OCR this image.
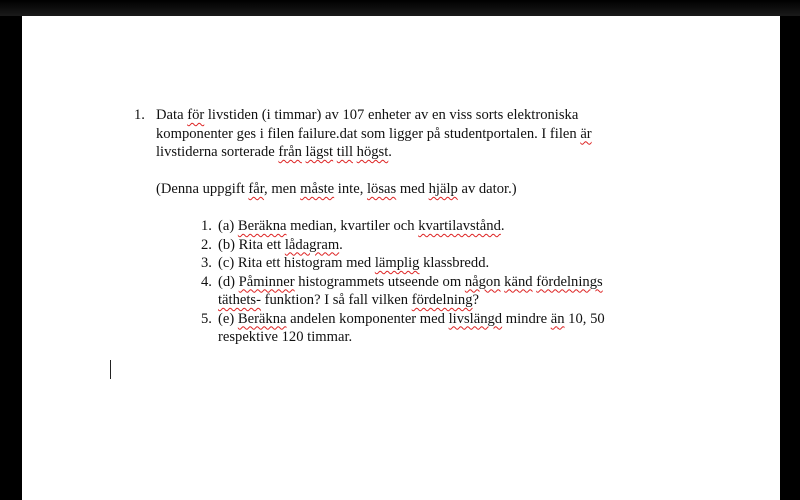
1. Data för livstiden (i timmar) av 107 enheter av en viss sorts elektroniska
komponenter ges i filen failure.dat som ligger på studentportalen. I filen är
livstiderna sorterade från lägst till högst.
(Denna uppgift får, men måste inte, lösas med hjälp av dator.)
1. (a) Beräkna median, kvartiler och kvartilavstånd.
2. (b) Rita ett lådagram.
3. (c) Rita ett histogram med lämplig klassbredd.
4. (d) Påminner histogrammets utseende om någon känd fördelnings
täthets- funktion? I så fall vilken fördelning?
5. (e) Beräkna andelen komponenter med livslängd mindre än 10, 50
respektive 120 timmar.
